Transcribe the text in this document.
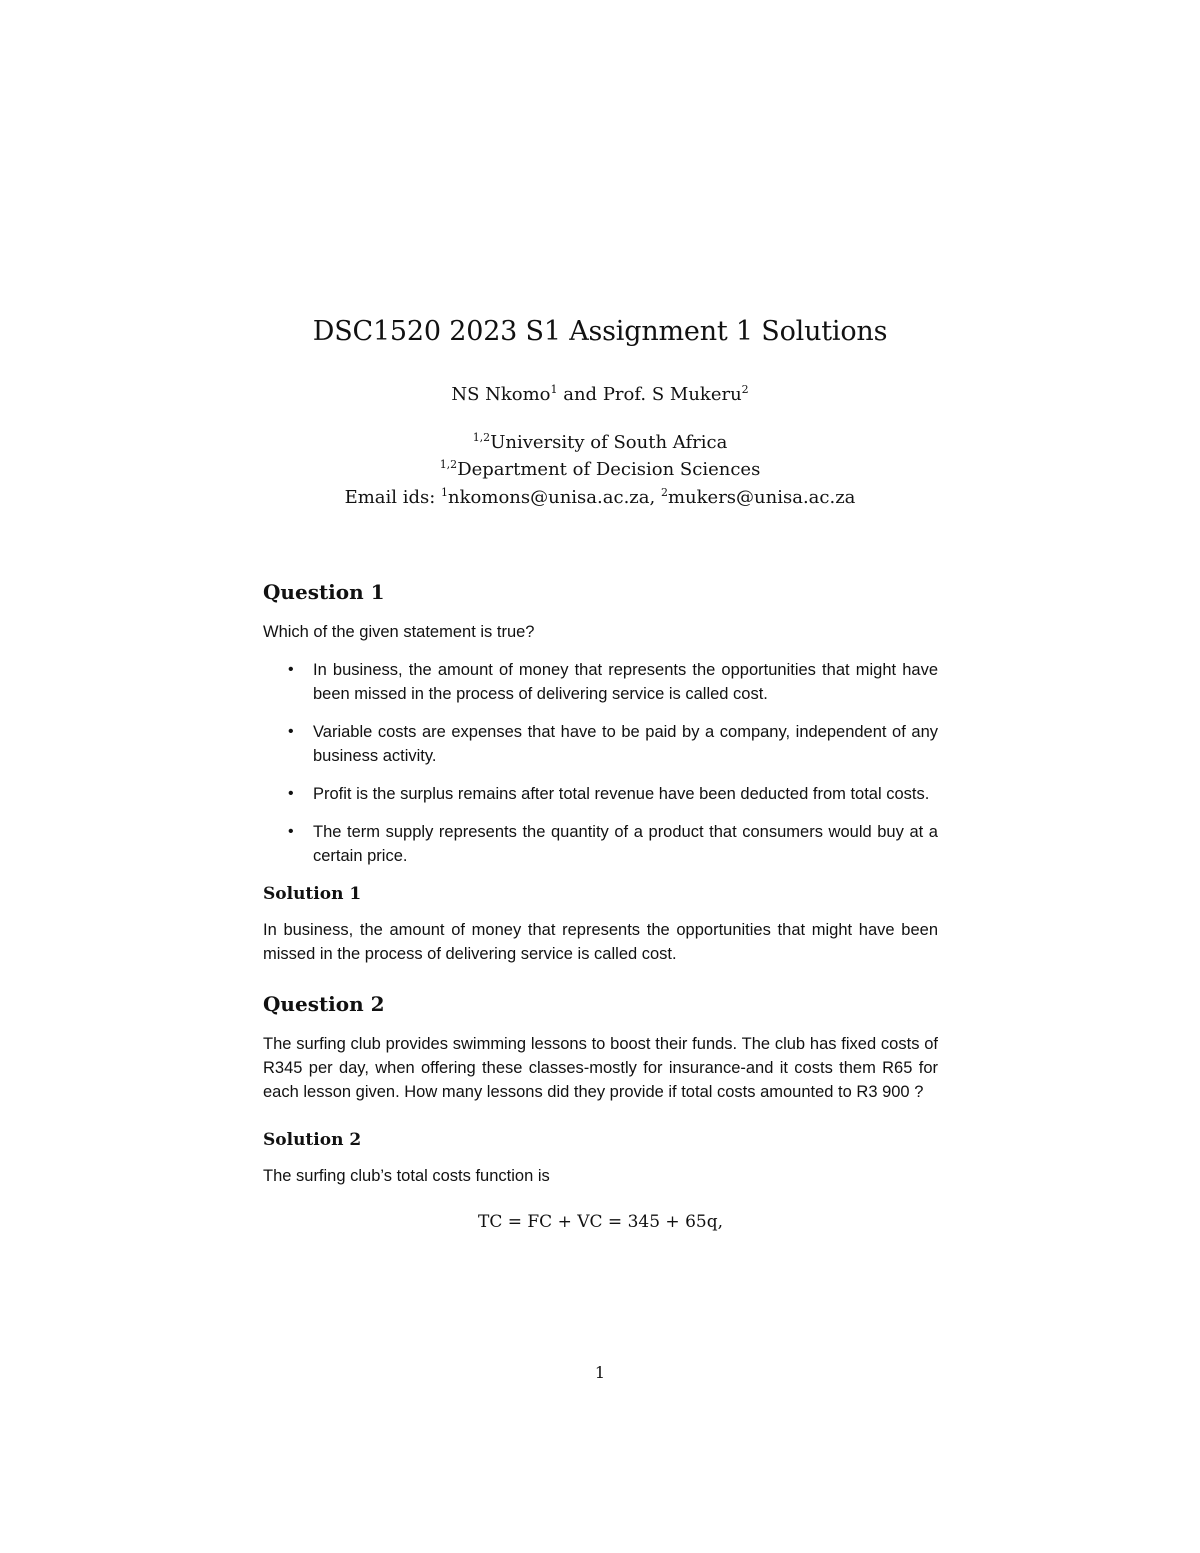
DSC1520 2023 S1 Assignment 1 Solutions
NS Nkomo$^1$ and Prof. S Mukeru$^2$
$^{1,2}$University of South Africa
$^{1,2}$Department of Decision Sciences
Email ids: $^1$nkomons@unisa.ac.za, $^2$mukers@unisa.ac.za
Question 1

Which of the given statement is true?

• In business, the amount of money that represents the opportunities that might have been missed in the process of delivering service is called cost.
• Variable costs are expenses that have to be paid by a company, independent of any business activity.
• Profit is the surplus remains after total revenue have been deducted from total costs.
• The term supply represents the quantity of a product that consumers would buy at a certain price.
Solution 1

In business, the amount of money that represents the opportunities that might have been missed in the process of delivering service is called cost.

Question 2

The surfing club provides swimming lessons to boost their funds. The club has fixed costs of R345 per day, when offering these classes-mostly for insurance-and it costs them R65 for each lesson given. How many lessons did they provide if total costs amounted to R3 900 ?

Solution 2

The surfing club’s total costs function is

TC = FC + VC = 345 + 65q,
1
